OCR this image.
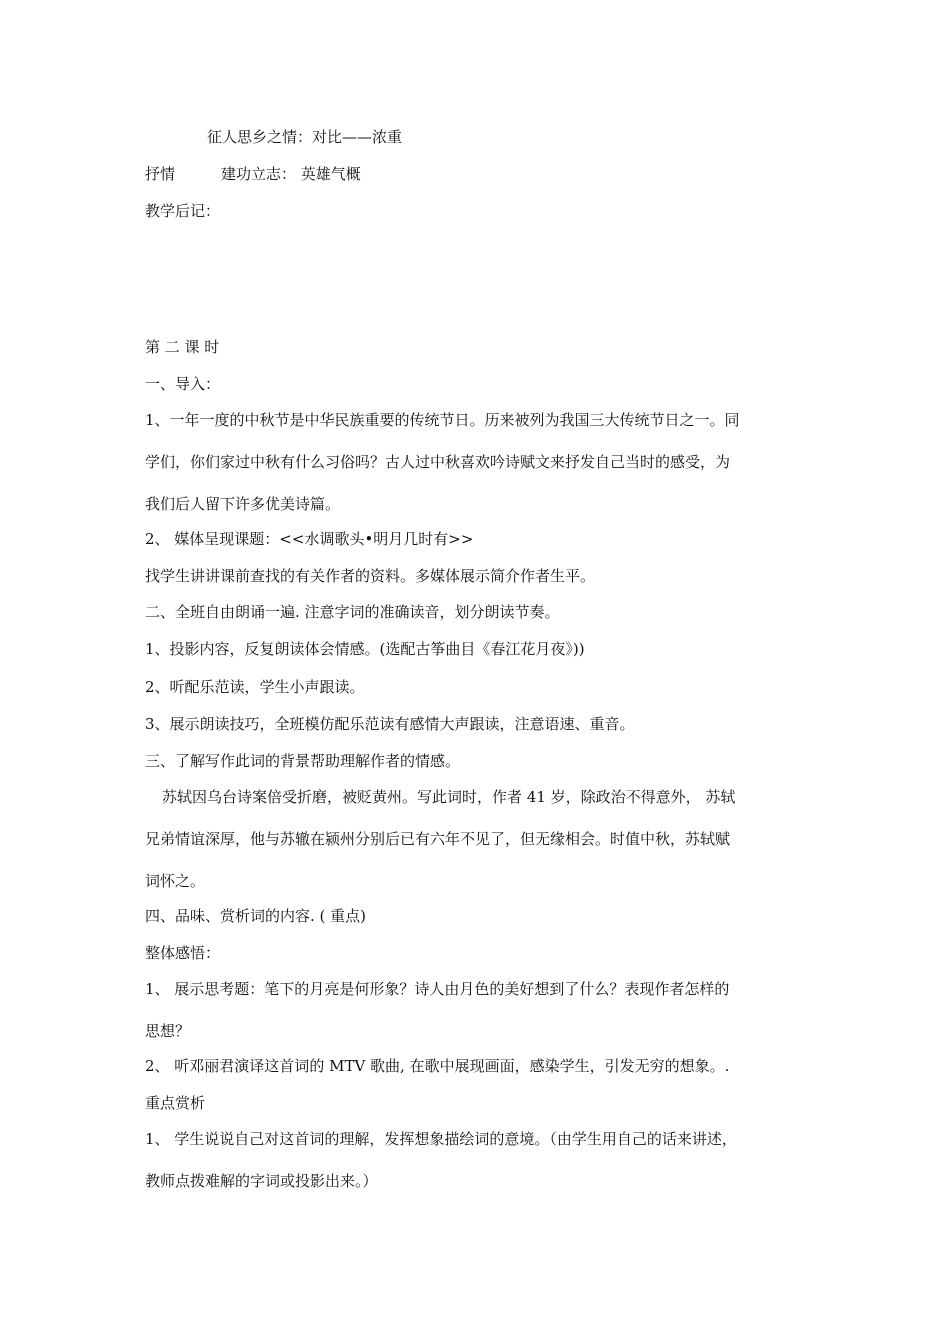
征人思乡之情：对比——浓重
抒情	建功立志： 英雄气概
教学后记：
第 二 课 时
一、导入：
1、一年一度的中秋节是中华民族重要的传统节日。历来被列为我国三大传统节日之一。同
学们，你们家过中秋有什么习俗吗？古人过中秋喜欢吟诗赋文来抒发自己当时的感受，为
我们后人留下许多优美诗篇。
2、 媒体呈现课题：<<水调歌头•明月几时有>>
找学生讲讲课前查找的有关作者的资料。多媒体展示简介作者生平。
二、全班自由朗诵一遍. 注意字词的准确读音，划分朗读节奏。
1、投影内容，反复朗读体会情感。(选配古筝曲目《春江花月夜》))
2、听配乐范读，学生小声跟读。
3、展示朗读技巧，全班模仿配乐范读有感情大声跟读，注意语速、重音。
三、了解写作此词的背景帮助理解作者的情感。
苏轼因乌台诗案倍受折磨，被贬黄州。写此词时，作者 41 岁，除政治不得意外， 苏轼
兄弟情谊深厚，他与苏辙在颍州分别后已有六年不见了，但无缘相会。时值中秋，苏轼赋
词怀之。
四、品味、赏析词的内容. ( 重点)
整体感悟：
1、 展示思考题：笔下的月亮是何形象？诗人由月色的美好想到了什么？表现作者怎样的
思想？
2、 听邓丽君演译这首词的 MTV 歌曲, 在歌中展现画面，感染学生，引发无穷的想象。.
重点赏析
1、 学生说说自己对这首词的理解，发挥想象描绘词的意境。（由学生用自己的话来讲述，
教师点拨难解的字词或投影出来。）
